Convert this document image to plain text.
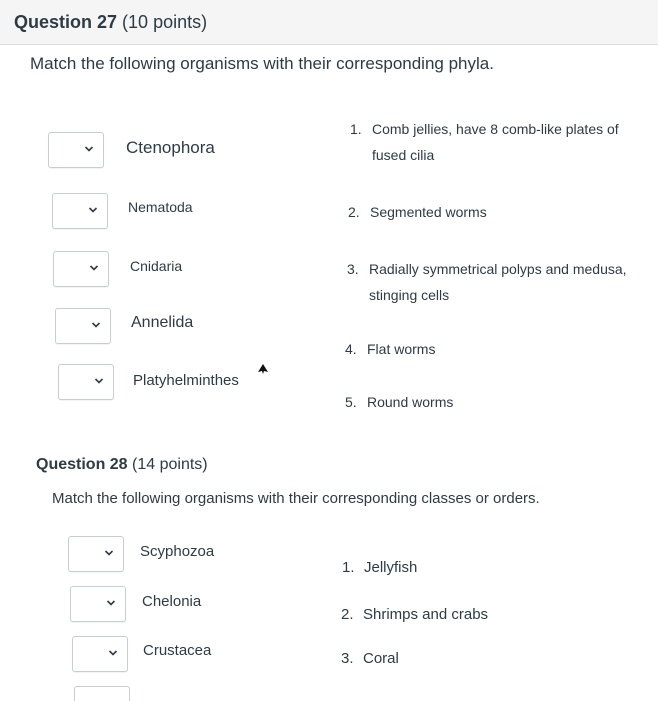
Question 27 (10 points)
Match the following organisms with their corresponding phyla.
Ctenophora
Nematoda
Cnidaria
Annelida
Platyhelminthes
1. Comb jellies, have 8 comb-like plates of
fused cilia
2. Segmented worms
3. Radially symmetrical polyps and medusa,
stinging cells
4. Flat worms
5. Round worms
Question 28 (14 points)
Match the following organisms with their corresponding classes or orders.
Scyphozoa
Chelonia
Crustacea
1. Jellyfish
2. Shrimps and crabs
3. Coral
